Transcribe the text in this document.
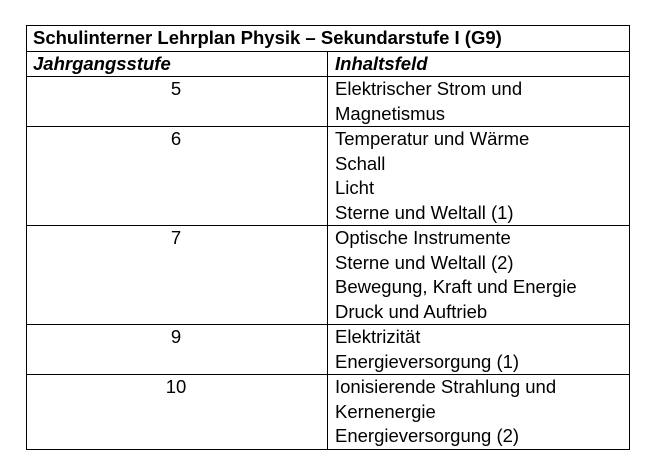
Schulinterner Lehrplan Physik – Sekundarstufe I (G9)	
Jahrgangsstufe	Inhaltsfeld
5	Elektrischer Strom und
Magnetismus

6	Temperatur und Wärme
Schall
Licht
Sterne und Weltall (1)

7	Optische Instrumente
Sterne und Weltall (2)
Bewegung, Kraft und Energie
Druck und Auftrieb

9	Elektrizität
Energieversorgung (1)

10	Ionisierende Strahlung und
Kernenergie
Energieversorgung (2)
